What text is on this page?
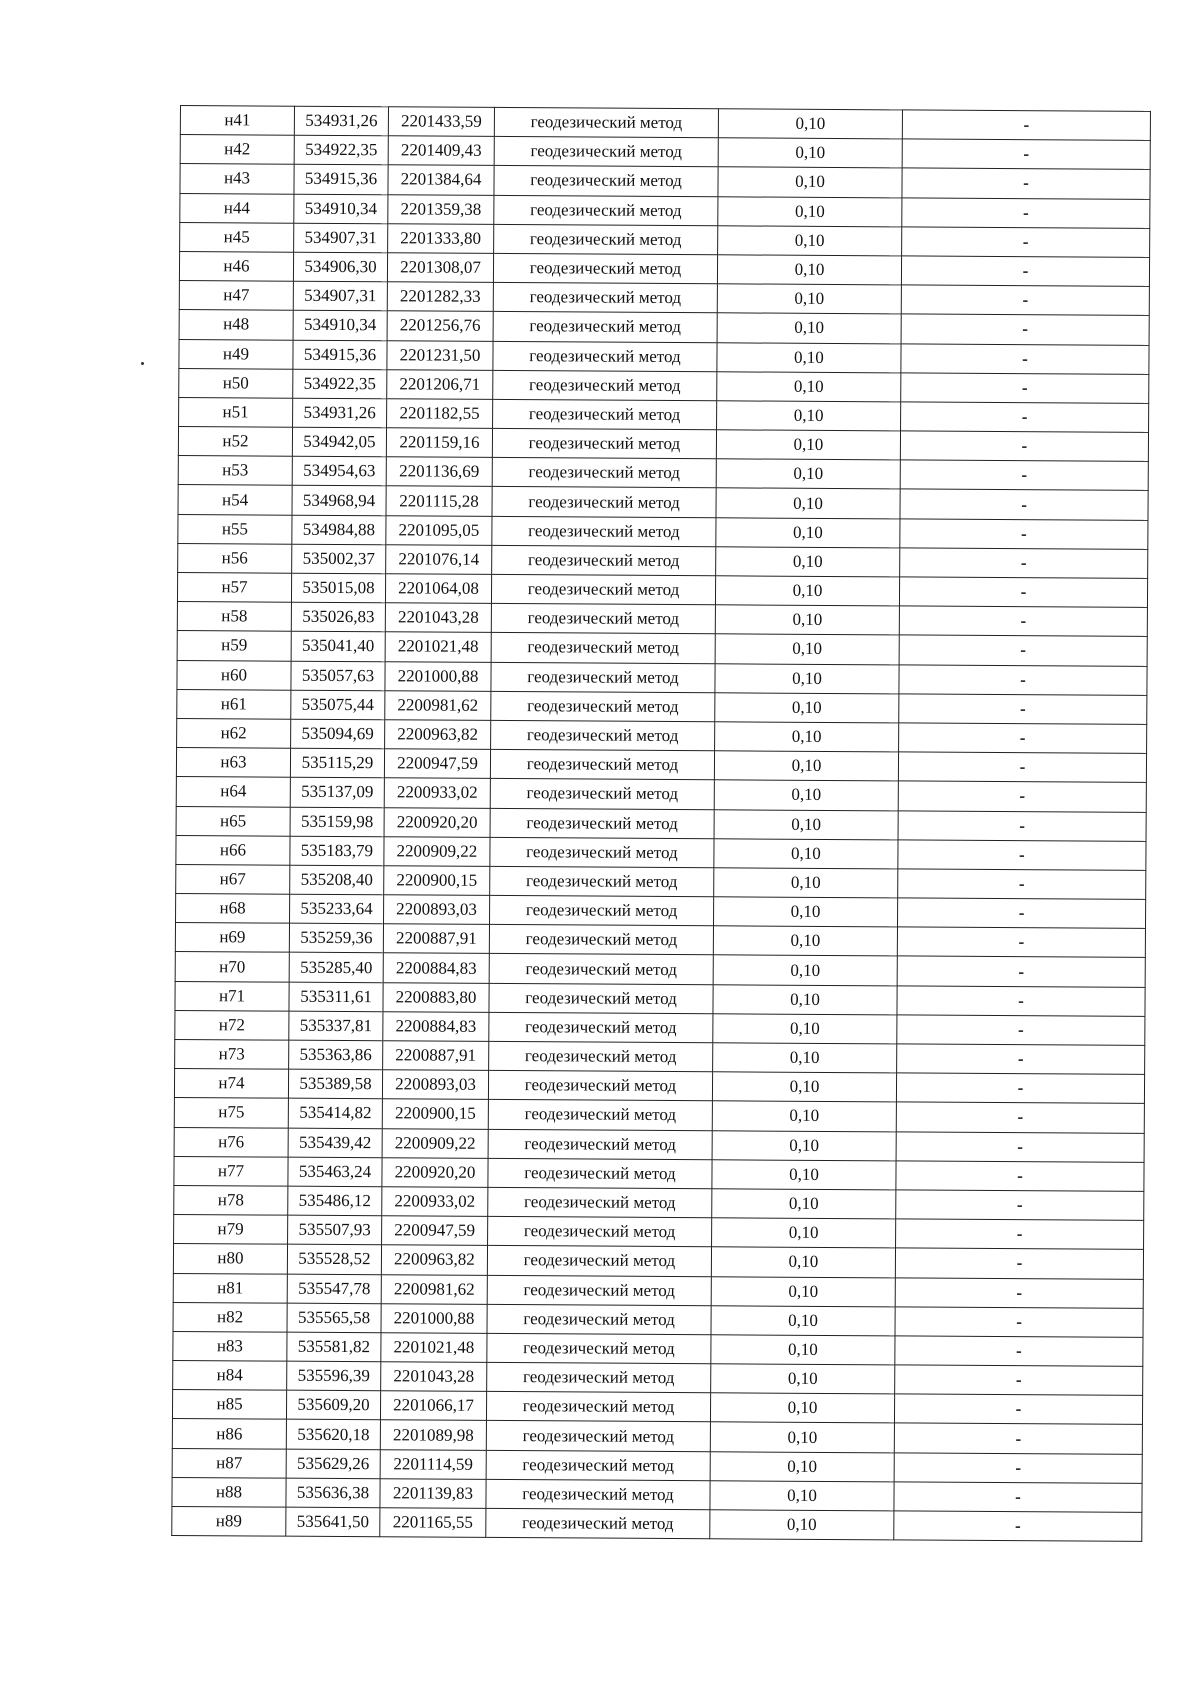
н41	534931,26	2201433,59	геодезический метод	0,10	-
н42	534922,35	2201409,43	геодезический метод	0,10	-
н43	534915,36	2201384,64	геодезический метод	0,10	-
н44	534910,34	2201359,38	геодезический метод	0,10	-
н45	534907,31	2201333,80	геодезический метод	0,10	-
н46	534906,30	2201308,07	геодезический метод	0,10	-
н47	534907,31	2201282,33	геодезический метод	0,10	-
н48	534910,34	2201256,76	геодезический метод	0,10	-
н49	534915,36	2201231,50	геодезический метод	0,10	-
н50	534922,35	2201206,71	геодезический метод	0,10	-
н51	534931,26	2201182,55	геодезический метод	0,10	-
н52	534942,05	2201159,16	геодезический метод	0,10	-
н53	534954,63	2201136,69	геодезический метод	0,10	-
н54	534968,94	2201115,28	геодезический метод	0,10	-
н55	534984,88	2201095,05	геодезический метод	0,10	-
н56	535002,37	2201076,14	геодезический метод	0,10	-
н57	535015,08	2201064,08	геодезический метод	0,10	-
н58	535026,83	2201043,28	геодезический метод	0,10	-
н59	535041,40	2201021,48	геодезический метод	0,10	-
н60	535057,63	2201000,88	геодезический метод	0,10	-
н61	535075,44	2200981,62	геодезический метод	0,10	-
н62	535094,69	2200963,82	геодезический метод	0,10	-
н63	535115,29	2200947,59	геодезический метод	0,10	-
н64	535137,09	2200933,02	геодезический метод	0,10	-
н65	535159,98	2200920,20	геодезический метод	0,10	-
н66	535183,79	2200909,22	геодезический метод	0,10	-
н67	535208,40	2200900,15	геодезический метод	0,10	-
н68	535233,64	2200893,03	геодезический метод	0,10	-
н69	535259,36	2200887,91	геодезический метод	0,10	-
н70	535285,40	2200884,83	геодезический метод	0,10	-
н71	535311,61	2200883,80	геодезический метод	0,10	-
н72	535337,81	2200884,83	геодезический метод	0,10	-
н73	535363,86	2200887,91	геодезический метод	0,10	-
н74	535389,58	2200893,03	геодезический метод	0,10	-
н75	535414,82	2200900,15	геодезический метод	0,10	-
н76	535439,42	2200909,22	геодезический метод	0,10	-
н77	535463,24	2200920,20	геодезический метод	0,10	-
н78	535486,12	2200933,02	геодезический метод	0,10	-
н79	535507,93	2200947,59	геодезический метод	0,10	-
н80	535528,52	2200963,82	геодезический метод	0,10	-
н81	535547,78	2200981,62	геодезический метод	0,10	-
н82	535565,58	2201000,88	геодезический метод	0,10	-
н83	535581,82	2201021,48	геодезический метод	0,10	-
н84	535596,39	2201043,28	геодезический метод	0,10	-
н85	535609,20	2201066,17	геодезический метод	0,10	-
н86	535620,18	2201089,98	геодезический метод	0,10	-
н87	535629,26	2201114,59	геодезический метод	0,10	-
н88	535636,38	2201139,83	геодезический метод	0,10	-
н89	535641,50	2201165,55	геодезический метод	0,10	-
